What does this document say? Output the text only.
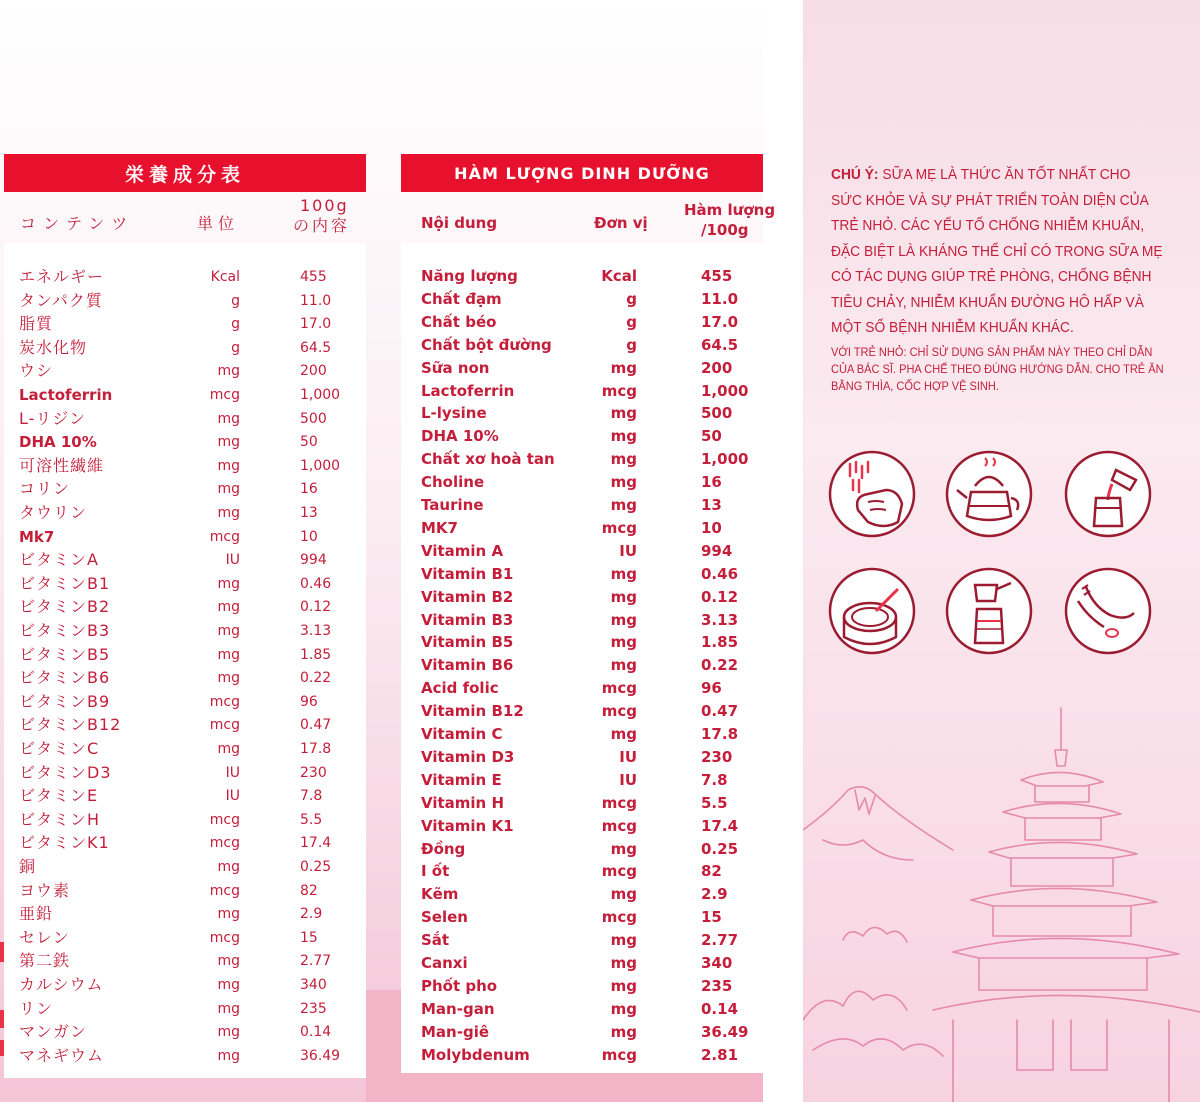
栄養成分表
コンテンツ	単位
100g
の内容
エネルギー	Kcal	455
タンパク質	g	11.0
脂質	g	17.0
炭水化物	g	64.5
ウシ	mg	200
Lactoferrin	mcg	1,000
L-リジン	mg	500
DHA 10%	mg	50
可溶性繊維	mg	1,000
コリン	mg	16
タウリン	mg	13
Mk7	mcg	10
ビタミンA	IU	994
ビタミンB1	mg	0.46
ビタミンB2	mg	0.12
ビタミンB3	mg	3.13
ビタミンB5	mg	1.85
ビタミンB6	mg	0.22
ビタミンB9	mcg	96
ビタミンB12	mcg	0.47
ビタミンC	mg	17.8
ビタミンD3	IU	230
ビタミンE	IU	7.8
ビタミンH	mcg	5.5
ビタミンK1	mcg	17.4
銅	mg	0.25
ヨウ素	mcg	82
亜鉛	mg	2.9
セレン	mcg	15
第二鉄	mg	2.77
カルシウム	mg	340
リン	mg	235
マンガン	mg	0.14
マネギウム	mg	36.49
HÀM LƯỢNG DINH DƯỠNG
Nội dung	Đơn vị
Hàm lượng
/100g
Năng lượng	Kcal	455
Chất đạm	g	11.0
Chất béo	g	17.0
Chất bột đường	g	64.5
Sữa non	mg	200
Lactoferrin	mcg	1,000
L-lysine	mg	500
DHA 10%	mg	50
Chất xơ hoà tan	mg	1,000
Choline	mg	16
Taurine	mg	13
MK7	mcg	10
Vitamin A	IU	994
Vitamin B1	mg	0.46
Vitamin B2	mg	0.12
Vitamin B3	mg	3.13
Vitamin B5	mg	1.85
Vitamin B6	mg	0.22
Acid folic	mcg	96
Vitamin B12	mcg	0.47
Vitamin C	mg	17.8
Vitamin D3	IU	230
Vitamin E	IU	7.8
Vitamin H	mcg	5.5
Vitamin K1	mcg	17.4
Đồng	mg	0.25
I ốt	mcg	82
Kẽm	mg	2.9
Selen	mcg	15
Sắt	mg	2.77
Canxi	mg	340
Phốt pho	mg	235
Man-gan	mg	0.14
Man-giê	mg	36.49
Molybdenum	mcg	2.81
CHÚ Ý: SỮA MẸ LÀ THỨC ĂN TỐT NHẤT CHO SỨC KHỎE VÀ SỰ PHÁT TRIỂN TOÀN DIỆN CỦA TRẺ NHỎ. CÁC YẾU TỐ CHỐNG NHIỄM KHUẨN, ĐẶC BIỆT LÀ KHÁNG THỂ CHỈ CÓ TRONG SỮA MẸ CÓ TÁC DỤNG GIÚP TRẺ PHÒNG, CHỐNG BỆNH TIÊU CHẢY, NHIỄM KHUẨN ĐƯỜNG HÔ HẤP VÀ MỘT SỐ BỆNH NHIỄM KHUẨN KHÁC.
VỚI TRẺ NHỎ: CHỈ SỬ DỤNG SẢN PHẨM NÀY THEO CHỈ DẪN CỦA BÁC SĨ. PHA CHẾ THEO ĐÚNG HƯỚNG DẪN. CHO TRẺ ĂN BẰNG THÌA, CỐC HỢP VỆ SINH.
